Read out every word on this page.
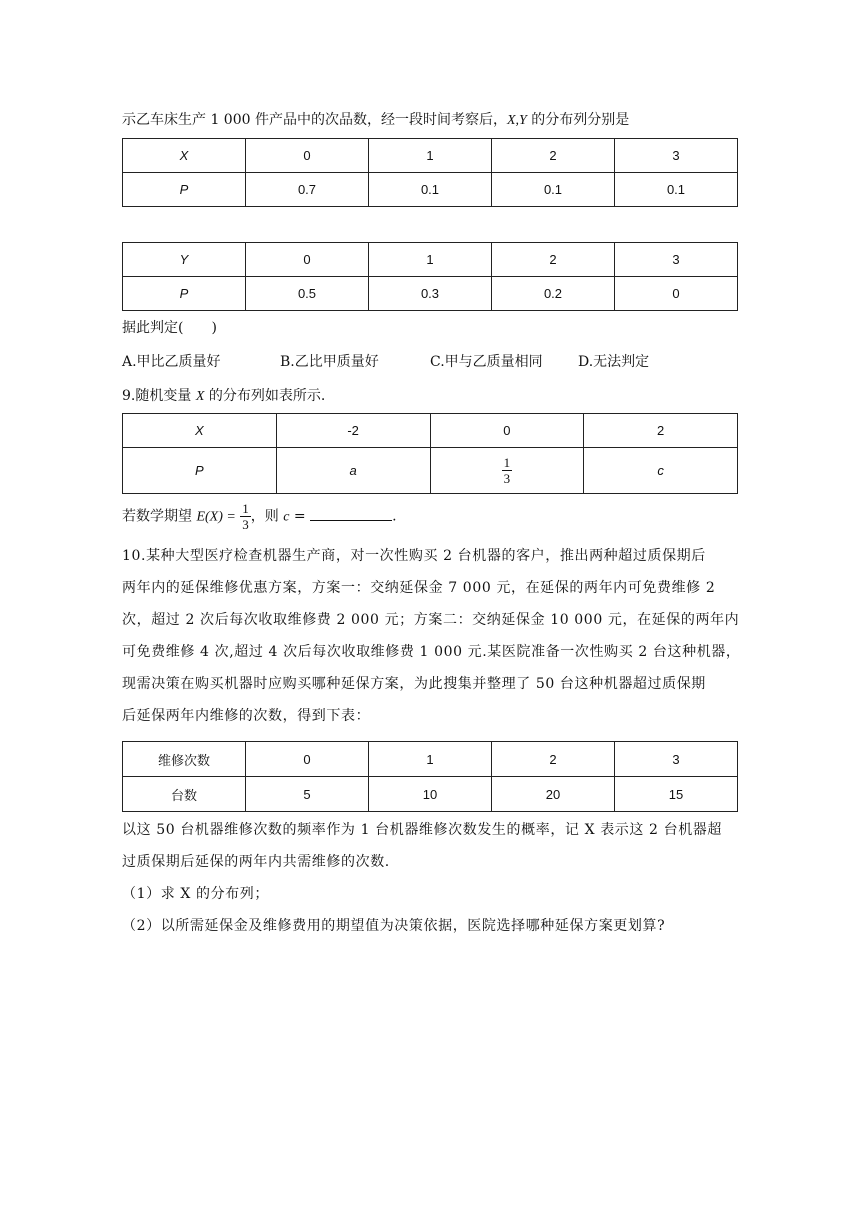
示乙车床生产 1 000 件产品中的次品数，经一段时间考察后，X,Y 的分布列分别是
X	0	1	2	3
P	0.7	0.1	0.1	0.1
Y	0	1	2	3
P	0.5	0.3	0.2	0
据此判定(　　)
A.甲比乙质量好	B.乙比甲质量好	C.甲与乙质量相同	D.无法判定
9.随机变量 X 的分布列如表所示.
X	-2	0	2
P	a	$\frac{1}{3}$	c
若数学期望 $E(X) = \frac{1}{3}$ ，则 c =	.
10.某种大型医疗检查机器生产商，对一次性购买 2 台机器的客户，推出两种超过质保期后
两年内的延保维修优惠方案，方案一：交纳延保金 7 000 元，在延保的两年内可免费维修 2
次，超过 2 次后每次收取维修费 2 000 元；方案二：交纳延保金 10 000 元，在延保的两年内
可免费维修 4 次,超过 4 次后每次收取维修费 1 000 元.某医院准备一次性购买 2 台这种机器，
现需决策在购买机器时应购买哪种延保方案，为此搜集并整理了 50 台这种机器超过质保期
后延保两年内维修的次数，得到下表：
维修次数	0	1	2	3
台数	5	10	20	15
以这 50 台机器维修次数的频率作为 1 台机器维修次数发生的概率，记 X 表示这 2 台机器超
过质保期后延保的两年内共需维修的次数.
（1）求 X 的分布列；
（2）以所需延保金及维修费用的期望值为决策依据，医院选择哪种延保方案更划算?
